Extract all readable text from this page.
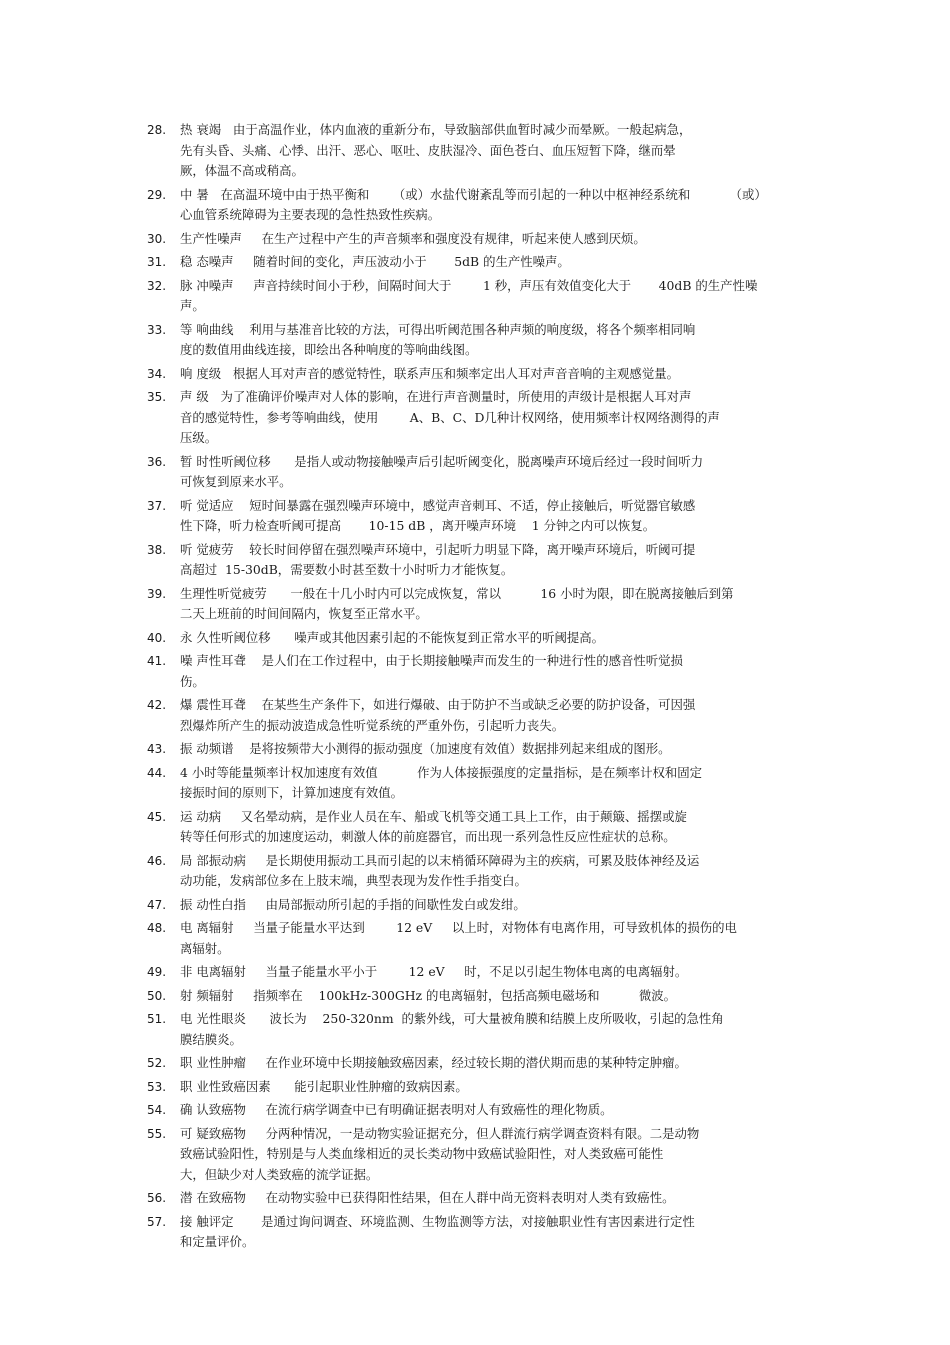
28.	热 衰竭   由于高温作业，体内血液的重新分布，导致脑部供血暂时减少而晕厥。一般起病急，
先有头昏、头痛、心悸、出汗、恶心、呕吐、皮肤湿冷、面色苍白、血压短暂下降，继而晕
厥，体温不高或稍高。
29.	中 暑   在高温环境中由于热平衡和      （或）水盐代谢紊乱等而引起的一种以中枢神经系统和          （或）
心血管系统障碍为主要表现的急性热致性疾病。
30.	生产性噪声     在生产过程中产生的声音频率和强度没有规律，听起来使人感到厌烦。
31.	稳 态噪声     随着时间的变化，声压波动小于       5dB 的生产性噪声。
32.	脉 冲噪声     声音持续时间小于秒，间隔时间大于        1 秒，声压有效值变化大于       40dB 的生产性噪
声。
33.	等 响曲线    利用与基准音比较的方法，可得出听阈范围各种声频的响度级，将各个频率相同响
度的数值用曲线连接，即绘出各种响度的等响曲线图。
34.	响 度级   根据人耳对声音的感觉特性，联系声压和频率定出人耳对声音音响的主观感觉量。
35.	声 级   为了准确评价噪声对人体的影响，在进行声音测量时，所使用的声级计是根据人耳对声
音的感觉特性，参考等响曲线，使用        A、B、C、D几种计权网络，使用频率计权网络测得的声
压级。
36.	暂 时性听阈位移      是指人或动物接触噪声后引起听阈变化，脱离噪声环境后经过一段时间听力
可恢复到原来水平。
37.	听 觉适应    短时间暴露在强烈噪声环境中，感觉声音刺耳、不适，停止接触后，听觉器官敏感
性下降，听力检查听阈可提高       10-15 dB ，离开噪声环境    1 分钟之内可以恢复。
38.	听 觉疲劳    较长时间停留在强烈噪声环境中，引起听力明显下降，离开噪声环境后，听阈可提
高超过  15-30dB，需要数小时甚至数十小时听力才能恢复。
39.	生理性听觉疲劳      一般在十几小时内可以完成恢复，常以          16 小时为限，即在脱离接触后到第
二天上班前的时间间隔内，恢复至正常水平。
40.	永 久性听阈位移      噪声或其他因素引起的不能恢复到正常水平的听阈提高。
41.	噪 声性耳聋    是人们在工作过程中，由于长期接触噪声而发生的一种进行性的感音性听觉损
伤。
42.	爆 震性耳聋    在某些生产条件下，如进行爆破、由于防护不当或缺乏必要的防护设备，可因强
烈爆炸所产生的振动波造成急性听觉系统的严重外伤，引起听力丧失。
43.	振 动频谱    是将按频带大小测得的振动强度（加速度有效值）数据排列起来组成的图形。
44.	4 小时等能量频率计权加速度有效值          作为人体接振强度的定量指标，是在频率计权和固定
接振时间的原则下，计算加速度有效值。
45.	运 动病     又名晕动病，是作业人员在车、船或飞机等交通工具上工作，由于颠簸、摇摆或旋
转等任何形式的加速度运动，刺激人体的前庭器官，而出现一系列急性反应性症状的总称。
46.	局 部振动病     是长期使用振动工具而引起的以末梢循环障碍为主的疾病，可累及肢体神经及运
动功能，发病部位多在上肢末端，典型表现为发作性手指变白。
47.	振 动性白指     由局部振动所引起的手指的间歇性发白或发绀。
48.	电 离辐射     当量子能量水平达到        12 eV     以上时，对物体有电离作用，可导致机体的损伤的电
离辐射。
49.	非 电离辐射     当量子能量水平小于        12 eV     时，不足以引起生物体电离的电离辐射。
50.	射 频辐射     指频率在    100kHz-300GHz 的电离辐射，包括高频电磁场和          微波。
51.	电 光性眼炎      波长为    250-320nm  的紫外线，可大量被角膜和结膜上皮所吸收，引起的急性角
膜结膜炎。
52.	职 业性肿瘤     在作业环境中长期接触致癌因素，经过较长期的潜伏期而患的某种特定肿瘤。
53.	职 业性致癌因素      能引起职业性肿瘤的致病因素。
54.	确 认致癌物     在流行病学调查中已有明确证据表明对人有致癌性的理化物质。
55.	可 疑致癌物     分两种情况，一是动物实验证据充分，但人群流行病学调查资料有限。二是动物
致癌试验阳性，特别是与人类血缘相近的灵长类动物中致癌试验阳性，对人类致癌可能性
大，但缺少对人类致癌的流学证据。
56.	潜 在致癌物     在动物实验中已获得阳性结果，但在人群中尚无资料表明对人类有致癌性。
57.	接 触评定       是通过询问调查、环境监测、生物监测等方法，对接触职业性有害因素进行定性
和定量评价。
